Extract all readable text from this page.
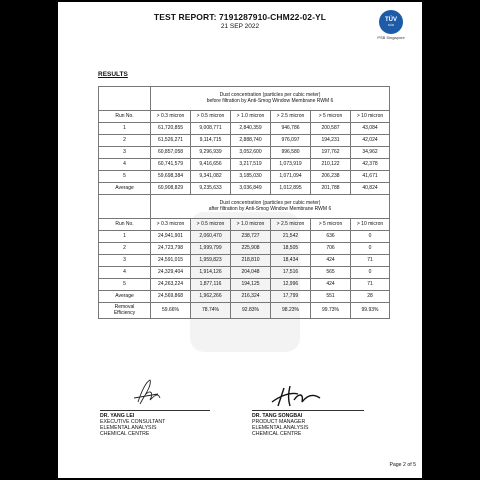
TEST REPORT: 7191287910-CHM22-02-YL
21 SEP 2022
TÜV
SÜD
PSB Singapore
RESULTS

	Dust concentration (particles per cubic meter)
before filtration by Anti-Smog Window Membrane RWM 6					

Run No.	> 0.3 micron	> 0.5 micron	> 1.0 micron	> 2.5 micron	> 5 micron	> 10 micron
1	61,720,855	9,008,771	2,840,359	946,786	200,587	43,084
2	61,526,271	9,114,715	2,888,740	976,097	194,231	42,024
3	60,857,058	9,296,939	3,052,600	996,580	197,762	34,962
4	60,741,579	9,416,656	3,217,519	1,073,919	210,122	42,378
5	59,698,384	9,341,082	3,185,030	1,071,094	206,238	41,671
Average	60,908,829	9,235,633	3,036,849	1,012,895	201,788	40,824

	Dust concentration (particles per cubic meter)
after filtration by Anti-Smog Window Membrane RWM 6					

Run No.	> 0.3 micron	> 0.5 micron	> 1.0 micron	> 2.5 micron	> 5 micron	> 10 micron
1	24,941,901	2,060,470	238,727	21,542	636	0
2	24,723,798	1,999,799	225,908	18,505	706	0
3	24,591,015	1,959,823	218,810	18,434	424	71
4	24,329,404	1,914,126	204,048	17,516	565	0
5	24,263,224	1,877,116	194,125	12,996	424	71
Average	24,569,868	1,962,266	216,324	17,799	551	28

Removal
Efficiency	59.66%	78.74%	92.83%	98.23%	99.73%	99.93%
DR. YANG LEI
EXECUTIVE CONSULTANT
ELEMENTAL ANALYSIS
CHEMICAL CENTRE
DR. TANG SONGBAI
PRODUCT MANAGER
ELEMENTAL ANALYSIS
CHEMICAL CENTRE
Page 2 of 5
